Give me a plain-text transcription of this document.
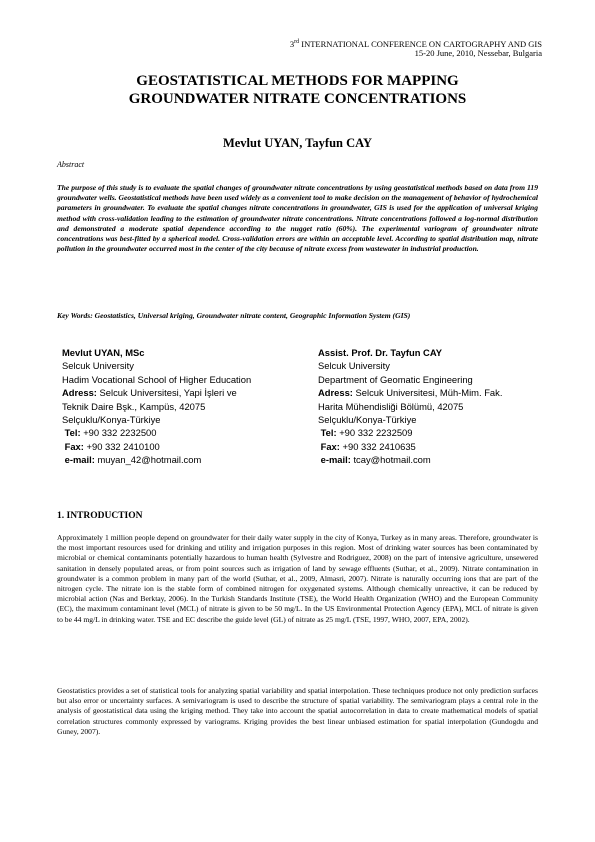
3rd INTERNATIONAL CONFERENCE ON CARTOGRAPHY AND GIS
15-20 June, 2010, Nessebar, Bulgaria
GEOSTATISTICAL METHODS FOR MAPPING
GROUNDWATER NITRATE CONCENTRATIONS
Mevlut UYAN, Tayfun CAY
Abstract
The purpose of this study is to evaluate the spatial changes of groundwater nitrate concentrations by using geostatistical methods based on data from 119 groundwater wells. Geostatistical methods have been used widely as a convenient tool to make decision on the management of behavior of hydrochemical parameters in groundwater. To evaluate the spatial changes nitrate concentrations in groundwater, GIS is used for the application of universal kriging method with cross-validation leading to the estimation of groundwater nitrate concentrations. Nitrate concentrations followed a log-normal distribution and demonstrated a moderate spatial dependence according to the nugget ratio (60%). The experimental variogram of groundwater nitrate concentrations was best-fitted by a spherical model. Cross-validation errors are within an acceptable level. According to spatial distribution map, nitrate pollution in the groundwater occurred most in the center of the city because of nitrate excess from wastewater in industrial production.
Key Words: Geostatistics, Universal kriging, Groundwater nitrate content, Geographic Information System (GIS)
Mevlut UYAN, MSc
Selcuk University
Hadim Vocational School of Higher Education
Adress: Selcuk Universitesi, Yapi İşleri ve
Teknik Daire Bşk., Kampüs, 42075
Selçuklu/Konya-Türkiye
Tel: +90 332 2232500
Fax: +90 332 2410100
e-mail: muyan_42@hotmail.com
Assist. Prof. Dr. Tayfun CAY
Selcuk University
Department of Geomatic Engineering
Adress: Selcuk Universitesi, Müh-Mim. Fak.
Harita Mühendisliği Bölümü, 42075
Selçuklu/Konya-Türkiye
Tel: +90 332 2232509
Fax: +90 332 2410635
e-mail: tcay@hotmail.com
1. INTRODUCTION
Approximately 1 million people depend on groundwater for their daily water supply in the city of Konya, Turkey as in many areas. Therefore, groundwater is the most important resources used for drinking and utility and irrigation purposes in this region. Most of drinking water sources has been contaminated by microbial or chemical contaminants potentially hazardous to human health (Sylvestre and Rodriguez, 2008) on the part of intensive agriculture, unsewered sanitation in densely populated areas, or from point sources such as irrigation of land by sewage effluents (Suthar, et al., 2009). Nitrate contamination in groundwater is a common problem in many part of the world (Suthar, et al., 2009, Almasri, 2007). Nitrate is naturally occurring ions that are part of the nitrogen cycle. The nitrate ion is the stable form of combined nitrogen for oxygenated systems. Although chemically unreactive, it can be reduced by microbial action (Nas and Berktay, 2006). In the Turkish Standards Institute (TSE), the World Health Organization (WHO) and the European Community (EC), the maximum contaminant level (MCL) of nitrate is given to be 50 mg/L. In the US Environmental Protection Agency (EPA), MCL of nitrate is given to be 44 mg/L in drinking water. TSE and EC describe the guide level (GL) of nitrate as 25 mg/L (TSE, 1997, WHO, 2007, EPA, 2002).
Geostatistics provides a set of statistical tools for analyzing spatial variability and spatial interpolation. These techniques produce not only prediction surfaces but also error or uncertainty surfaces. A semivariogram is used to describe the structure of spatial variability. The semivariogram plays a central role in the analysis of geostatistical data using the kriging method. They take into account the spatial autocorrelation in data to create mathematical models of spatial correlation structures commonly expressed by variograms. Kriging provides the best linear unbiased estimation for spatial interpolation (Gundogdu and Guney, 2007).
